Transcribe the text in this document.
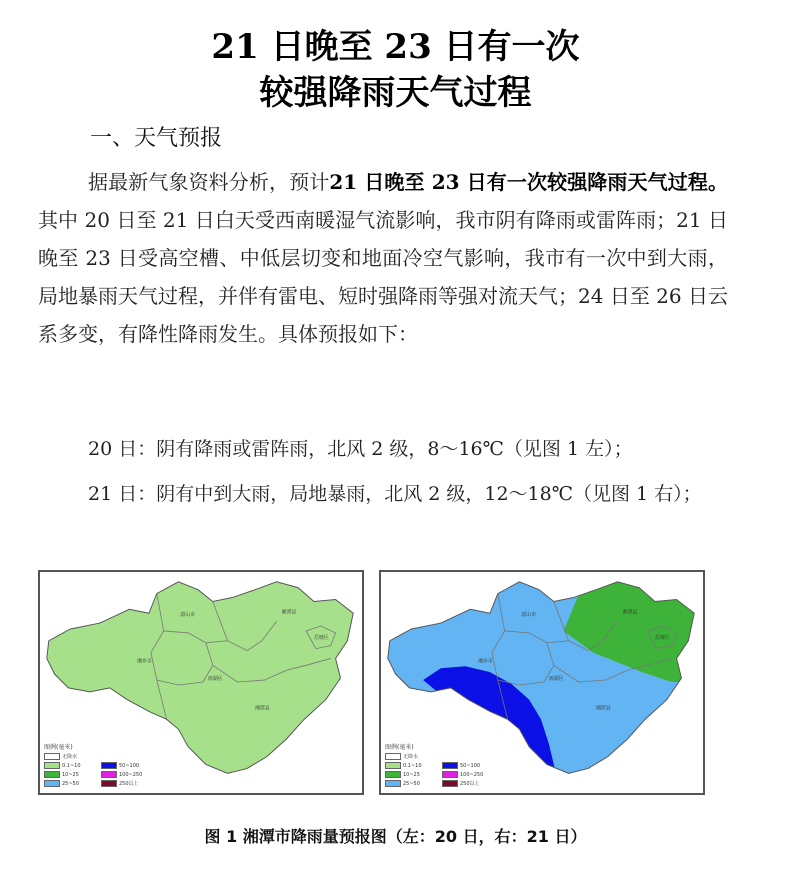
21 日晚至 23 日有一次
较强降雨天气过程
一、天气预报

据最新气象资料分析，预计21 日晚至 23 日有一次较强降雨天气过程。其中 20 日至 21 日白天受西南暖湿气流影响，我市阴有降雨或雷阵雨；21 日晚至 23 日受高空槽、中低层切变和地面冷空气影响，我市有一次中到大雨，局地暴雨天气过程，并伴有雷电、短时强降雨等强对流天气；24 日至 26 日云系多变，有降性降雨发生。具体预报如下：

20 日：阴有降雨或雷阵雨，北风 2 级，8～16℃（见图 1 左）；

21 日：阴有中到大雨，局地暴雨，北风 2 级，12～18℃（见图 1 右）；

韶山市
湘乡市
雨湖区
湘潭县
岳塘区
湘潭县
图例(毫米)
无降水
0.1~10	50~100
10~25	100~250
25~50	250以上
韶山市
湘乡市
雨湖区
湘潭县
岳塘区
湘潭县
图例(毫米)
无降水
0.1~10	50~100
10~25	100~250
25~50	250以上
图 1 湘潭市降雨量预报图（左：20 日，右：21 日）
